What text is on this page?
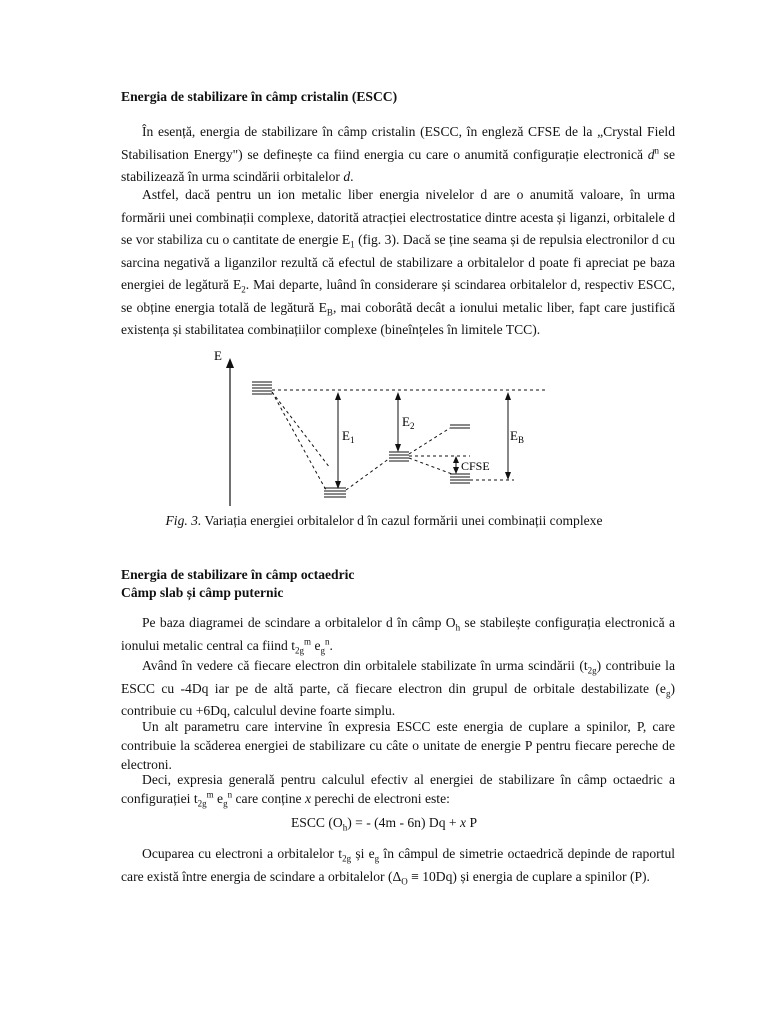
Energia de stabilizare în câmp cristalin (ESCC)

În esență, energia de stabilizare în câmp cristalin (ESCC, în engleză CFSE de la „Crystal Field Stabilisation Energy") se definește ca fiind energia cu care o anumită configurație electronică $d^n$ se stabilizează în urma scindării orbitalelor d.

Astfel, dacă pentru un ion metalic liber energia nivelelor d are o anumită valoare, în urma formării unei combinații complexe, datorită atracției electrostatice dintre acesta și liganzi, orbitalele d se vor stabiliza cu o cantitate de energie $E_1$ (fig. 3). Dacă se ține seama și de repulsia electronilor d cu sarcina negativă a liganzilor rezultă că efectul de stabilizare a orbitalelor d poate fi apreciat pe baza energiei de legătură $E_2$. Mai departe, luând în considerare și scindarea orbitalelor d, respectiv ESCC, se obține energia totală de legătură $E_B$, mai coborâtă decât a ionului metalic liber, fapt care justifică existența și stabilitatea combinațiilor complexe (bineînțeles în limitele TCC).

E
$E_1$
$E_2$
CFSE
$E_B$
Fig. 3. Variația energiei orbitalelor d în cazul formării unei combinații complexe
Energia de stabilizare în câmp octaedric
Câmp slab și câmp puternic

Pe baza diagramei de scindare a orbitalelor d în câmp $O_h$ se stabilește configurația electronică a ionului metalic central ca fiind $t_{2g}^m$ $e_g^n$.

Având în vedere că fiecare electron din orbitalele stabilizate în urma scindării $(t_{2g})$ contribuie la ESCC cu -4Dq iar pe de altă parte, că fiecare electron din grupul de orbitale destabilizate $(e_g)$ contribuie cu +6Dq, calculul devine foarte simplu.

Un alt parametru care intervine în expresia ESCC este energia de cuplare a spinilor, P, care contribuie la scăderea energiei de stabilizare cu câte o unitate de energie P pentru fiecare pereche de electroni.

Deci, expresia generală pentru calculul efectiv al energiei de stabilizare în câmp octaedric a configurației $t_{2g}^m$ $e_g^n$ care conține x perechi de electroni este:

ESCC $(O_h)$ = - (4m - 6n) Dq + x P

Ocuparea cu electroni a orbitalelor $t_{2g}$ și $e_g$ în câmpul de simetrie octaedrică depinde de raportul care există între energia de scindare a orbitalelor $(\Delta_O \equiv 10Dq)$ și energia de cuplare a spinilor (P).
